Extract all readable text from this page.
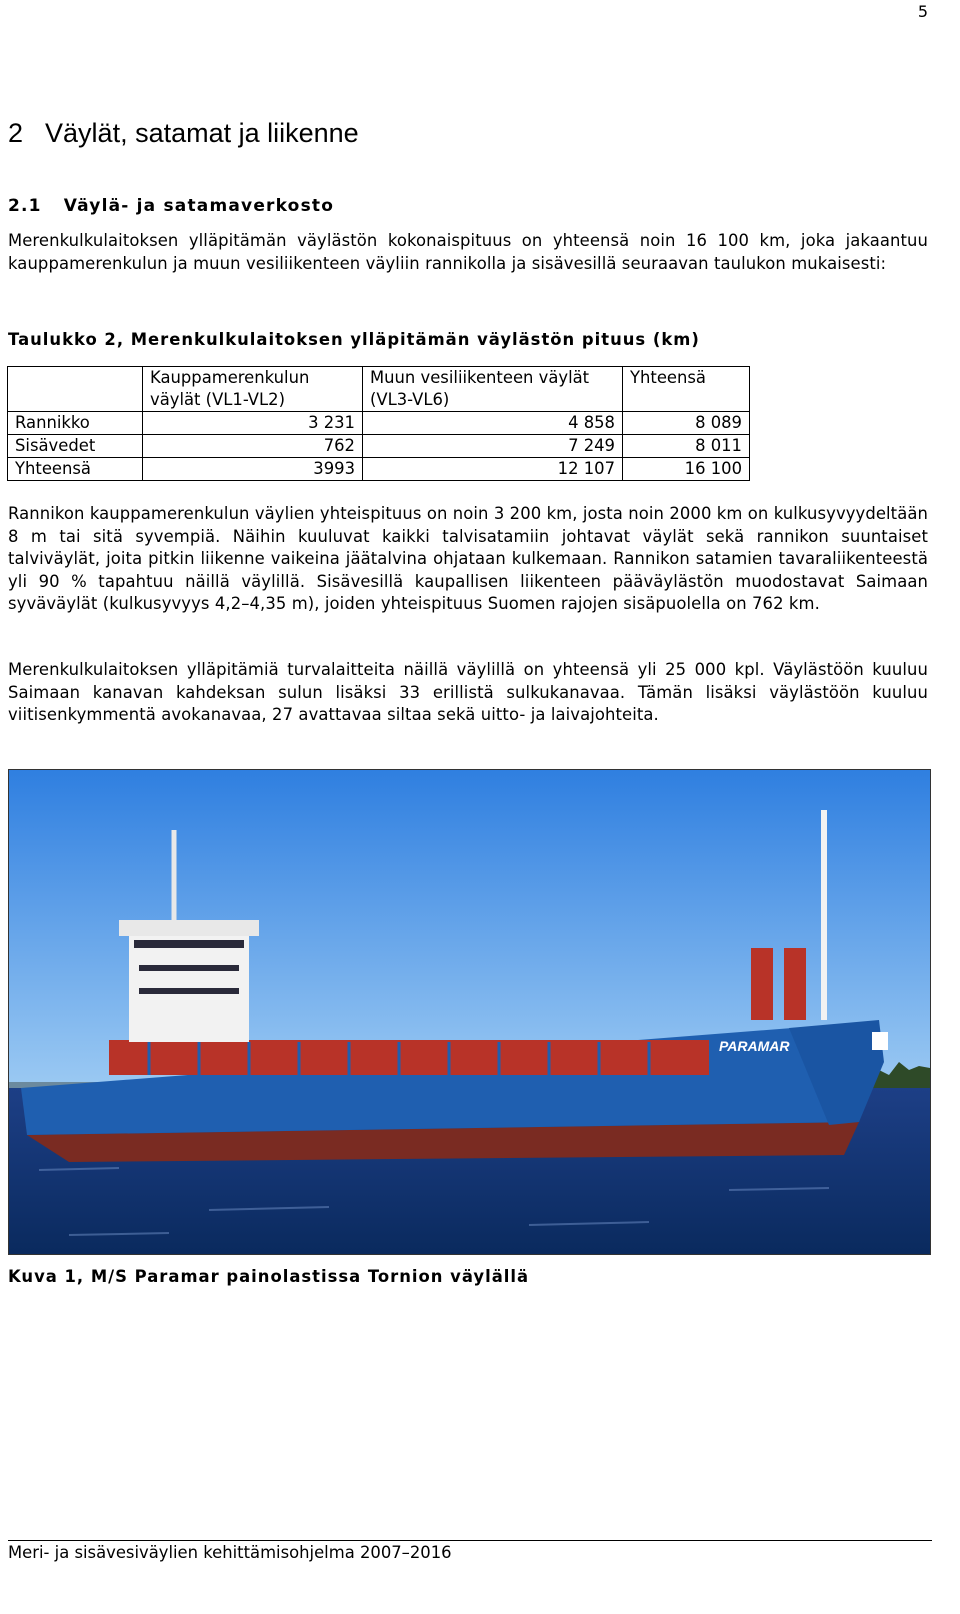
5
2 Väylät, satamat ja liikenne
2.1 Väylä- ja satamaverkosto
Merenkulkulaitoksen ylläpitämän väylästön kokonaispituus on yhteensä noin 16 100 km, joka jakaantuu kauppamerenkulun ja muun vesiliikenteen väyliin rannikolla ja sisävesillä seuraavan taulukon mukaisesti:
Taulukko 2, Merenkulkulaitoksen ylläpitämän väylästön pituus (km)
	Kauppamerenkulun väylät (VL1-VL2)	Muun vesiliikenteen väylät (VL3-VL6)	Yhteensä
Rannikko	3 231	4 858	8 089
Sisävedet	762	7 249	8 011
Yhteensä	3993	12 107	16 100
Rannikon kauppamerenkulun väylien yhteispituus on noin 3 200 km, josta noin 2000 km on kulkusyvyydeltään 8 m tai sitä syvempiä. Näihin kuuluvat kaikki talvisatamiin johtavat väylät sekä rannikon suuntaiset talviväylät, joita pitkin liikenne vaikeina jäätalvina ohjataan kulkemaan. Rannikon satamien tavaraliikenteestä yli 90 % tapahtuu näillä väylillä. Sisävesillä kaupallisen liikenteen pääväylästön muodostavat Saimaan syväväylät (kulkusyvyys 4,2–4,35 m), joiden yhteispituus Suomen rajojen sisäpuolella on 762 km.
Merenkulkulaitoksen ylläpitämiä turvalaitteita näillä väylillä on yhteensä yli 25 000 kpl. Väylästöön kuuluu Saimaan kanavan kahdeksan sulun lisäksi 33 erillistä sulkukanavaa. Tämän lisäksi väylästöön kuuluu viitisenkymmentä avokanavaa, 27 avattavaa siltaa sekä uitto- ja laivajohteita.
PARAMAR
Kuva 1, M/S Paramar painolastissa Tornion väylällä
Meri- ja sisävesiväylien kehittämisohjelma 2007–2016
